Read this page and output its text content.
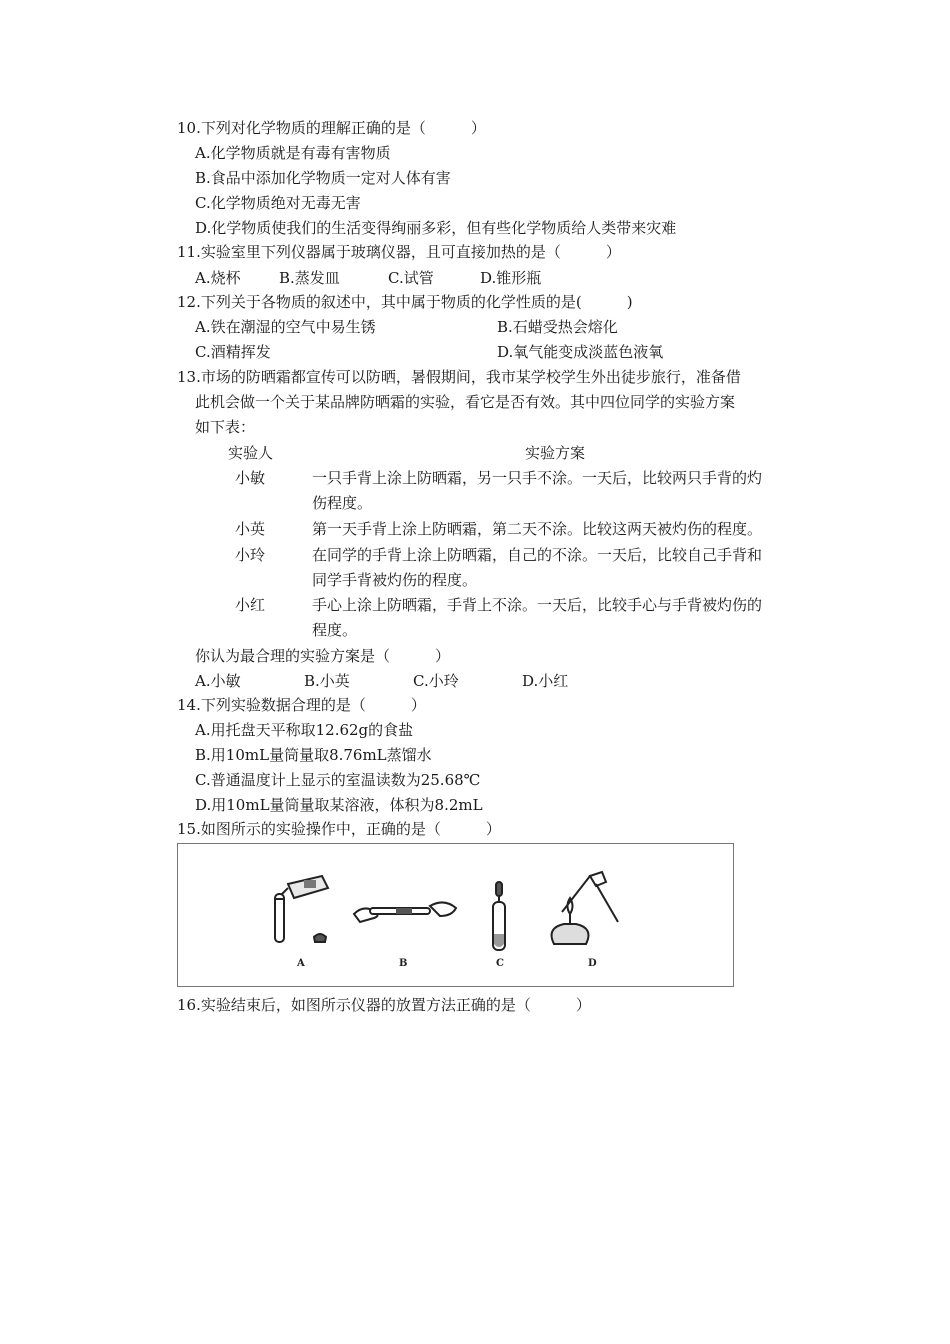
10.下列对化学物质的理解正确的是（　　　）
A.化学物质就是有毒有害物质
B.食品中添加化学物质一定对人体有害
C.化学物质绝对无毒无害
D.化学物质使我们的生活变得绚丽多彩，但有些化学物质给人类带来灾难
11.实验室里下列仪器属于玻璃仪器，且可直接加热的是（　　　）
A.烧杯	B.蒸发皿	C.试管	D.锥形瓶
12.下列关于各物质的叙述中，其中属于物质的化学性质的是(　　　)
A.铁在潮湿的空气中易生锈	B.石蜡受热会熔化
C.酒精挥发	D.氧气能变成淡蓝色液氧
13.市场的防晒霜都宣传可以防晒，暑假期间，我市某学校学生外出徒步旅行，准备借
此机会做一个关于某品牌防晒霜的实验，看它是否有效。其中四位同学的实验方案
如下表：
实验人	实验方案
小敏	一只手背上涂上防晒霜，另一只手不涂。一天后，比较两只手背的灼
伤程度。
小英	第一天手背上涂上防晒霜，第二天不涂。比较这两天被灼伤的程度。
小玲	在同学的手背上涂上防晒霜，自己的不涂。一天后，比较自己手背和
同学手背被灼伤的程度。
小红	手心上涂上防晒霜，手背上不涂。一天后，比较手心与手背被灼伤的
程度。
你认为最合理的实验方案是（　　　）
A.小敏	B.小英	C.小玲	D.小红
14.下列实验数据合理的是（　　　）
A.用托盘天平称取12.62g的食盐
B.用10mL量筒量取8.76mL蒸馏水
C.普通温度计上显示的室温读数为25.68℃
D.用10mL量筒量取某溶液，体积为8.2mL
15.如图所示的实验操作中，正确的是（　　　）
A	B	C	D
16.实验结束后，如图所示仪器的放置方法正确的是（　　　）
